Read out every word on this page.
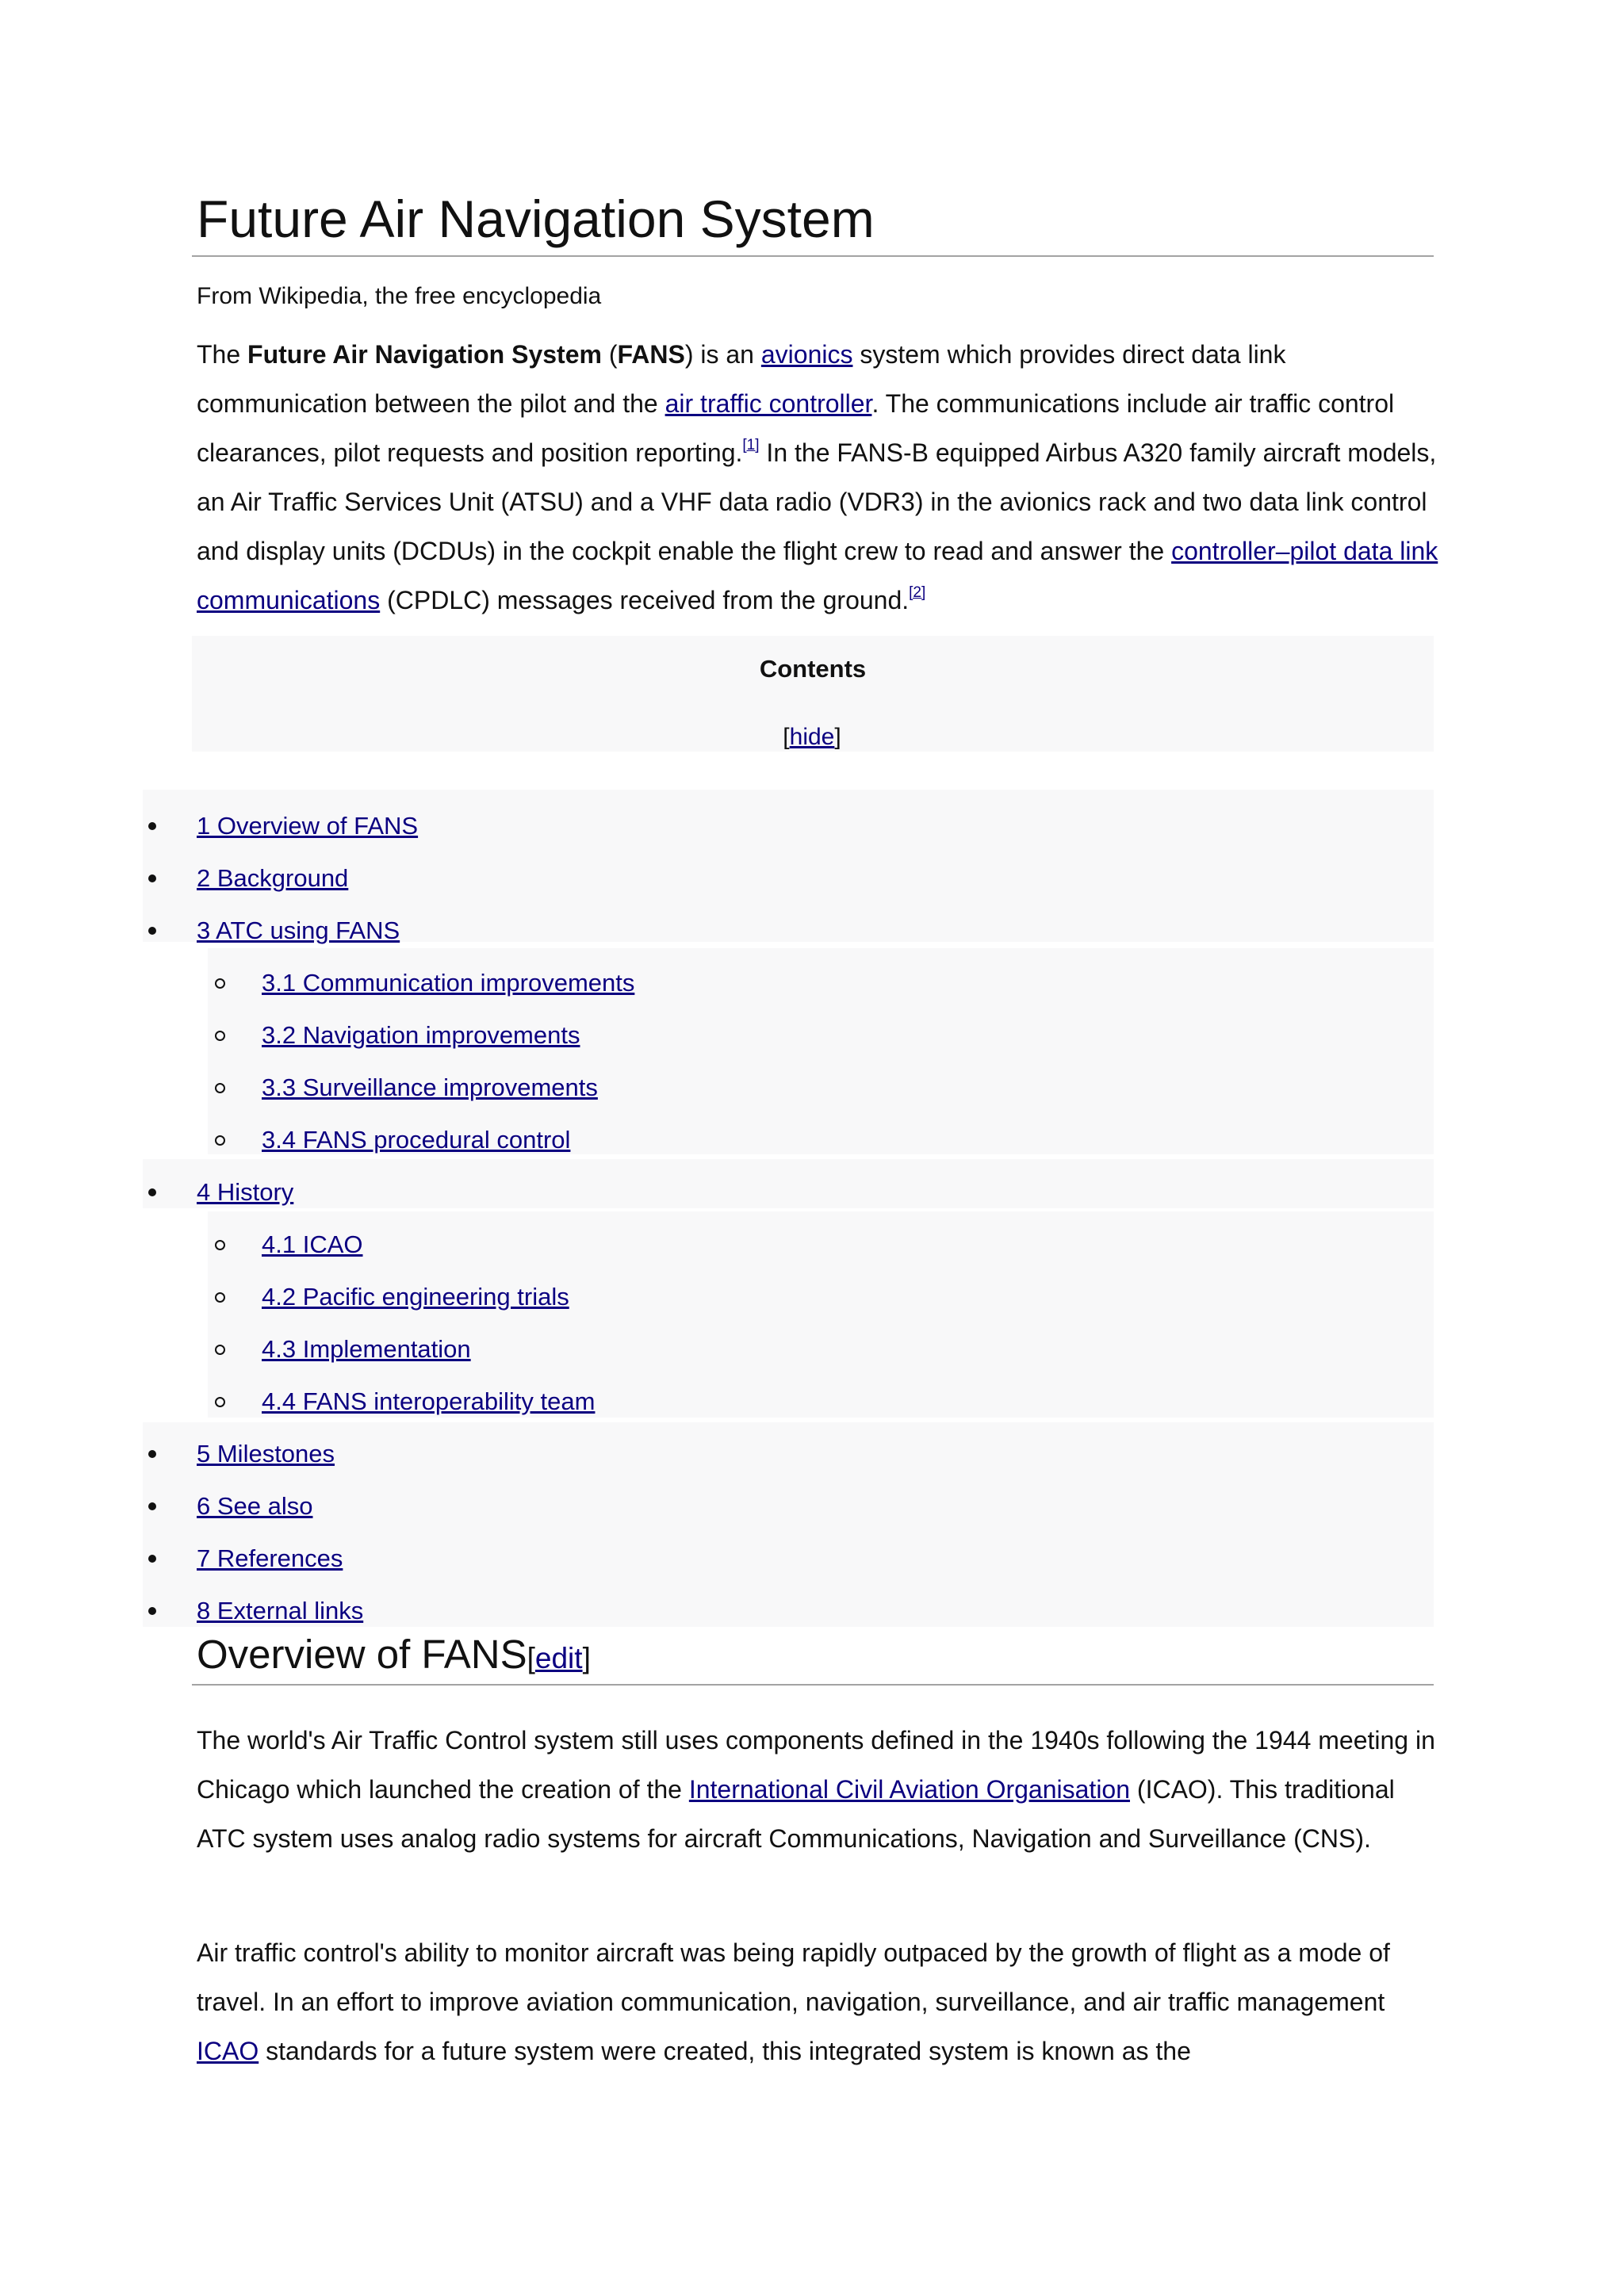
Future Air Navigation System
From Wikipedia, the free encyclopedia

The Future Air Navigation System (FANS) is an avionics system which provides direct data link communication between the pilot and the air traffic controller. The communications include air traffic control clearances, pilot requests and position reporting.[1] In the FANS-B equipped Airbus A320 family aircraft models, an Air Traffic Services Unit (ATSU) and a VHF data radio (VDR3) in the avionics rack and two data link control and display units (DCDUs) in the cockpit enable the flight crew to read and answer the controller–pilot data link communications (CPDLC) messages received from the ground.[2]

Contents
[hide]
1 Overview of FANS
2 Background
3 ATC using FANS
3.1 Communication improvements
3.2 Navigation improvements
3.3 Surveillance improvements
3.4 FANS procedural control
4 History
4.1 ICAO
4.2 Pacific engineering trials
4.3 Implementation
4.4 FANS interoperability team
5 Milestones
6 See also
7 References
8 External links
Overview of FANS[edit]

The world's Air Traffic Control system still uses components defined in the 1940s following the 1944 meeting in Chicago which launched the creation of the International Civil Aviation Organisation (ICAO). This traditional ATC system uses analog radio systems for aircraft Communications, Navigation and Surveillance (CNS).

Air traffic control's ability to monitor aircraft was being rapidly outpaced by the growth of flight as a mode of travel. In an effort to improve aviation communication, navigation, surveillance, and air traffic management ICAO standards for a future system were created, this integrated system is known as the
